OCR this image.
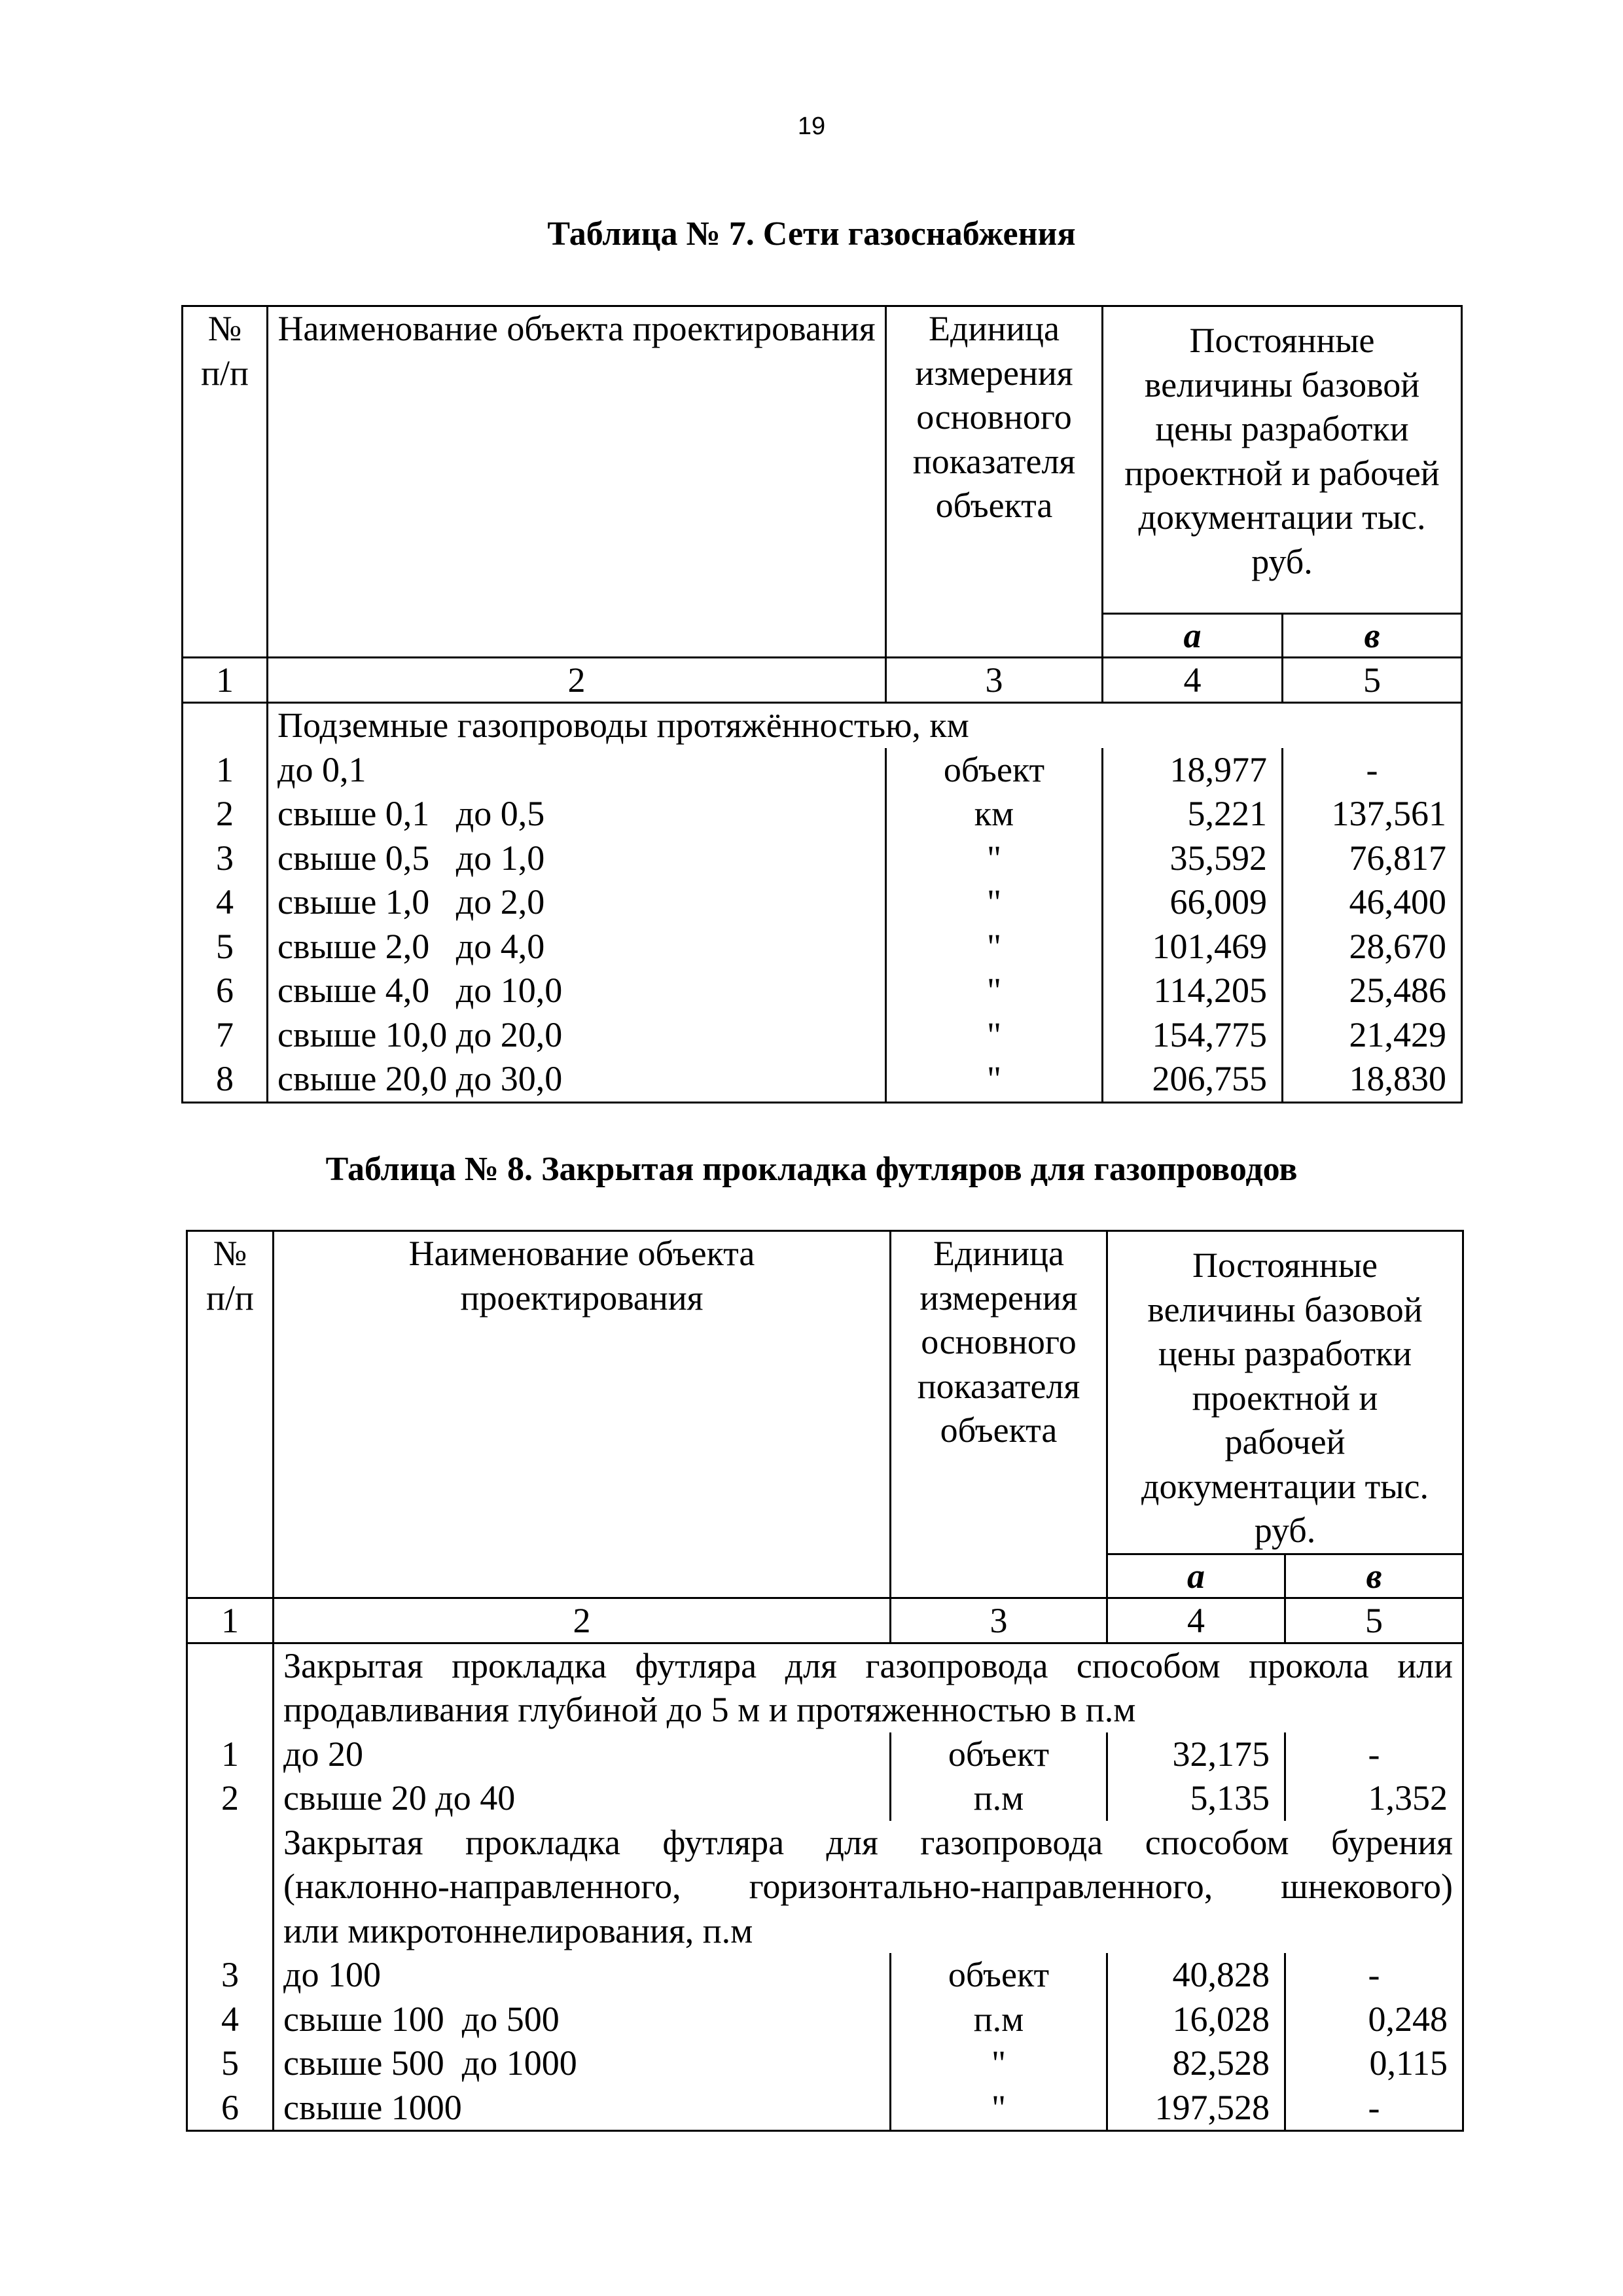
19
Таблица № 7. Сети газоснабжения
№ п/п	Наименование объекта проектирования	Единица измерения основного показателя объекта	Постоянные величины базовой цены разработки проектной и рабочей документации тыс. руб.	
			а	в
1	2	3	4	5

	Подземные газопроводы протяжённостью, км			

1	до 0,1	объект	18,977	-
2	свыше 0,1   до 0,5	км	5,221	137,561
3	свыше 0,5   до 1,0	"	35,592	76,817
4	свыше 1,0   до 2,0	"	66,009	46,400
5	свыше 2,0   до 4,0	"	101,469	28,670
6	свыше 4,0   до 10,0	"	114,205	25,486
7	свыше 10,0 до 20,0	"	154,775	21,429
8	свыше 20,0 до 30,0	"	206,755	18,830
Таблица № 8. Закрытая прокладка футляров для газопроводов
№ п/п	Наименование объекта проектирования	Единица измерения основного показателя объекта	Постоянные величины базовой цены разработки проектной и рабочей документации тыс. руб.	
			а	в
1	2	3	4	5

	Закрытая прокладка футляра для газопровода способом прокола или
продавливания глубиной до 5 м и протяженностью в п.м			

1	до 20	объект	32,175	-
2	свыше 20 до 40	п.м	5,135	1,352

	Закрытая прокладка футляра для газопровода способом бурения
(наклонно-направленного, горизонтально-направленного, шнекового)
или микротоннелирования, п.м			

3	до 100	объект	40,828	-
4	свыше 100  до 500	п.м	16,028	0,248
5	свыше 500  до 1000	"	82,528	0,115
6	свыше 1000	"	197,528	-
